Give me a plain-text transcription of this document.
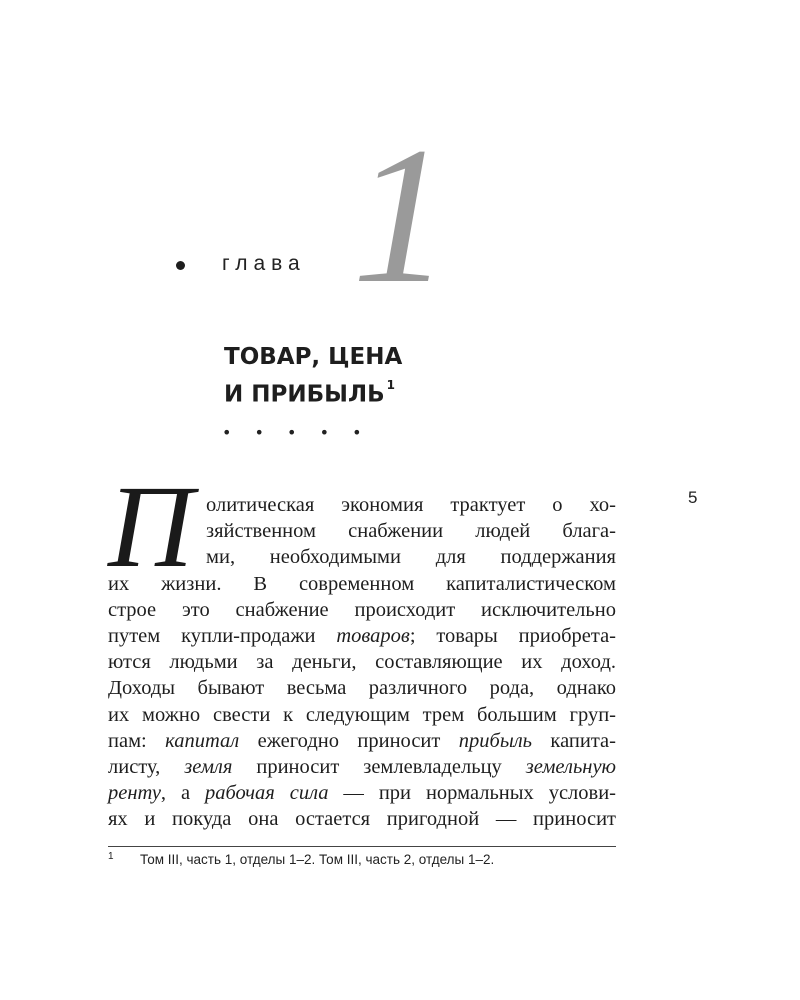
глава 1
ТОВАР, ЦЕНА
И ПРИБЫЛЬ $^1$
• • • • •
5
П олитическая экономия трактует о хо-
зяйственном снабжении людей блага-
ми, необходимыми для поддержания
их жизни. В современном капиталистическом
строе это снабжение происходит исключительно
путем купли-продажи товаров; товары приобрета-
ются людьми за деньги, составляющие их доход.
Доходы бывают весьма различного рода, однако
их можно свести к следующим трем большим груп-
пам: капитал ежегодно приносит прибыль капита-
листу, земля приносит землевладельцу земельную
ренту, а рабочая сила — при нормальных услови-
ях и покуда она остается пригодной — приносит
1 Том III, часть 1, отделы 1–2. Том III, часть 2, отделы 1–2.
